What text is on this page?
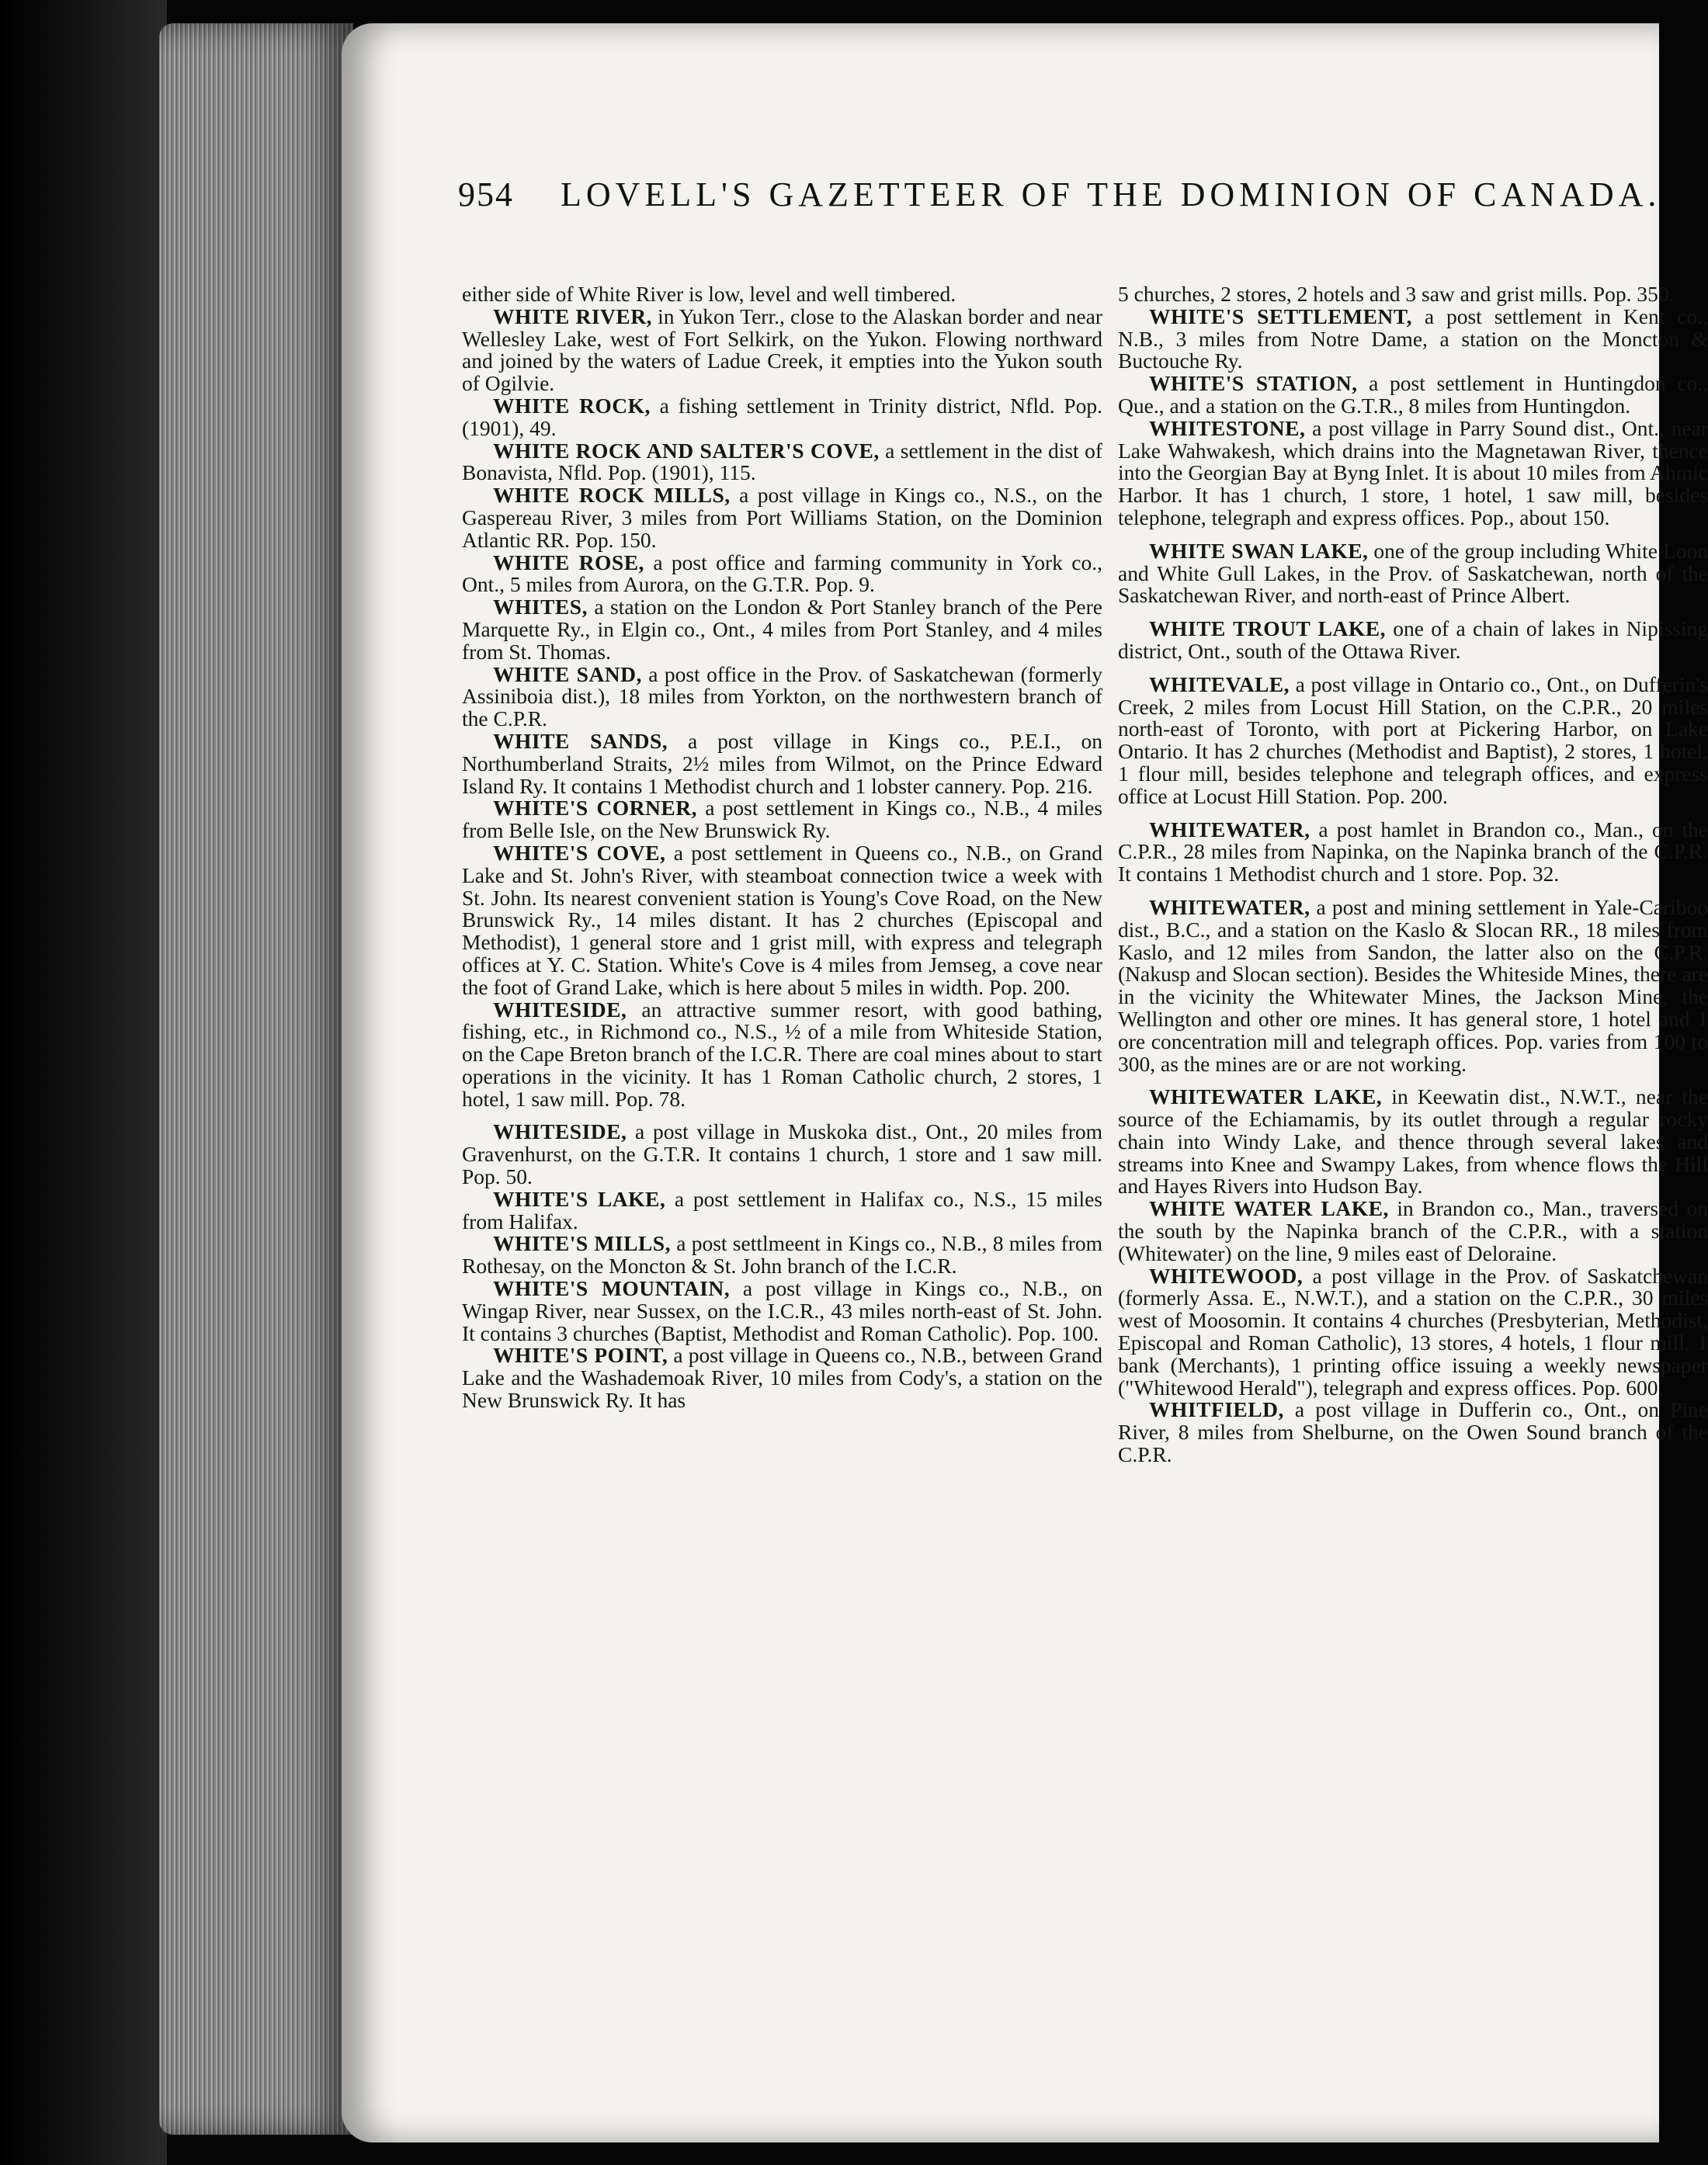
954 LOVELL'S GAZETTEER OF THE DOMINION OF CANADA.

either side of White River is low, level and well timbered.

WHITE RIVER, in Yukon Terr., close to the Alaskan border and near Wellesley Lake, west of Fort Selkirk, on the Yukon. Flowing northward and joined by the waters of Ladue Creek, it empties into the Yukon south of Ogilvie.

WHITE ROCK, a fishing settlement in Trinity district, Nfld. Pop. (1901), 49.

WHITE ROCK AND SALTER'S COVE, a settlement in the dist of Bonavista, Nfld. Pop. (1901), 115.

WHITE ROCK MILLS, a post village in Kings co., N.S., on the Gaspereau River, 3 miles from Port Williams Station, on the Dominion Atlantic RR. Pop. 150.

WHITE ROSE, a post office and farming community in York co., Ont., 5 miles from Aurora, on the G.T.R. Pop. 9.

WHITES, a station on the London & Port Stanley branch of the Pere Marquette Ry., in Elgin co., Ont., 4 miles from Port Stanley, and 4 miles from St. Thomas.

WHITE SAND, a post office in the Prov. of Saskatchewan (formerly Assiniboia dist.), 18 miles from Yorkton, on the northwestern branch of the C.P.R.

WHITE SANDS, a post village in Kings co., P.E.I., on Northumberland Straits, 2½ miles from Wilmot, on the Prince Edward Island Ry. It contains 1 Methodist church and 1 lobster cannery. Pop. 216.

WHITE'S CORNER, a post settlement in Kings co., N.B., 4 miles from Belle Isle, on the New Brunswick Ry.

WHITE'S COVE, a post settlement in Queens co., N.B., on Grand Lake and St. John's River, with steamboat connection twice a week with St. John. Its nearest convenient station is Young's Cove Road, on the New Brunswick Ry., 14 miles distant. It has 2 churches (Episcopal and Methodist), 1 general store and 1 grist mill, with express and telegraph offices at Y. C. Station. White's Cove is 4 miles from Jemseg, a cove near the foot of Grand Lake, which is here about 5 miles in width. Pop. 200.

WHITESIDE, an attractive summer resort, with good bathing, fishing, etc., in Richmond co., N.S., ½ of a mile from Whiteside Station, on the Cape Breton branch of the I.C.R. There are coal mines about to start operations in the vicinity. It has 1 Roman Catholic church, 2 stores, 1 hotel, 1 saw mill. Pop. 78.

WHITESIDE, a post village in Muskoka dist., Ont., 20 miles from Gravenhurst, on the G.T.R. It contains 1 church, 1 store and 1 saw mill. Pop. 50.

WHITE'S LAKE, a post settlement in Halifax co., N.S., 15 miles from Halifax.

WHITE'S MILLS, a post settlmeent in Kings co., N.B., 8 miles from Rothesay, on the Moncton & St. John branch of the I.C.R.

WHITE'S MOUNTAIN, a post village in Kings co., N.B., on Wingap River, near Sussex, on the I.C.R., 43 miles north-east of St. John. It contains 3 churches (Baptist, Methodist and Roman Catholic). Pop. 100.

WHITE'S POINT, a post village in Queens co., N.B., between Grand Lake and the Washademoak River, 10 miles from Cody's, a station on the New Brunswick Ry. It has

5 churches, 2 stores, 2 hotels and 3 saw and grist mills. Pop. 350.

WHITE'S SETTLEMENT, a post settlement in Kent co., N.B., 3 miles from Notre Dame, a station on the Moncton & Buctouche Ry.

WHITE'S STATION, a post settlement in Huntingdon co., Que., and a station on the G.T.R., 8 miles from Huntingdon.

WHITESTONE, a post village in Parry Sound dist., Ont., near Lake Wahwakesh, which drains into the Magnetawan River, thence into the Georgian Bay at Byng Inlet. It is about 10 miles from Ahmic Harbor. It has 1 church, 1 store, 1 hotel, 1 saw mill, besides telephone, telegraph and express offices. Pop., about 150.

WHITE SWAN LAKE, one of the group including White Loon and White Gull Lakes, in the Prov. of Saskatchewan, north of the Saskatchewan River, and north-east of Prince Albert.

WHITE TROUT LAKE, one of a chain of lakes in Nipissing district, Ont., south of the Ottawa River.

WHITEVALE, a post village in Ontario co., Ont., on Dufferin's Creek, 2 miles from Locust Hill Station, on the C.P.R., 20 miles north-east of Toronto, with port at Pickering Harbor, on Lake Ontario. It has 2 churches (Methodist and Baptist), 2 stores, 1 hotel, 1 flour mill, besides telephone and telegraph offices, and express office at Locust Hill Station. Pop. 200.

WHITEWATER, a post hamlet in Brandon co., Man., on the C.P.R., 28 miles from Napinka, on the Napinka branch of the C.P.R. It contains 1 Methodist church and 1 store. Pop. 32.

WHITEWATER, a post and mining settlement in Yale-Cariboo dist., B.C., and a station on the Kaslo & Slocan RR., 18 miles from Kaslo, and 12 miles from Sandon, the latter also on the C.P.R. (Nakusp and Slocan section). Besides the Whiteside Mines, there are in the vicinity the Whitewater Mines, the Jackson Mine, the Wellington and other ore mines. It has general store, 1 hotel and 1 ore concentration mill and telegraph offices. Pop. varies from 100 to 300, as the mines are or are not working.

WHITEWATER LAKE, in Keewatin dist., N.W.T., near the source of the Echiamamis, by its outlet through a regular rocky chain into Windy Lake, and thence through several lakes and streams into Knee and Swampy Lakes, from whence flows the Hill and Hayes Rivers into Hudson Bay.

WHITE WATER LAKE, in Brandon co., Man., traversed on the south by the Napinka branch of the C.P.R., with a station (Whitewater) on the line, 9 miles east of Deloraine.

WHITEWOOD, a post village in the Prov. of Saskatchewan (formerly Assa. E., N.W.T.), and a station on the C.P.R., 30 miles west of Moosomin. It contains 4 churches (Presbyterian, Methodist, Episcopal and Roman Catholic), 13 stores, 4 hotels, 1 flour mill, 1 bank (Merchants), 1 printing office issuing a weekly newspaper ("Whitewood Herald"), telegraph and express offices. Pop. 600.

WHITFIELD, a post village in Dufferin co., Ont., on Pine River, 8 miles from Shelburne, on the Owen Sound branch of the C.P.R.
